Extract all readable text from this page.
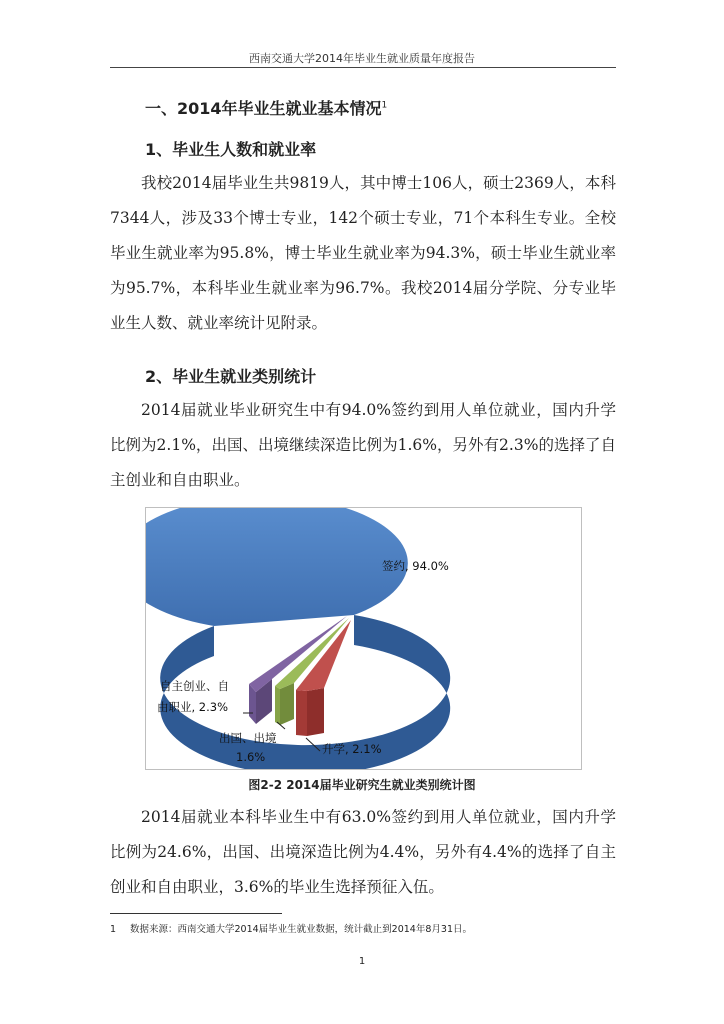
西南交通大学2014年毕业生就业质量年度报告
一、2014年毕业生就业基本情况$^1$
1、毕业生人数和就业率
我校2014届毕业生共9819人，其中博士106人，硕士2369人，本科7344人，涉及33个博士专业，142个硕士专业，71个本科生专业。全校毕业生就业率为95.8%，博士毕业生就业率为94.3%，硕士毕业生就业率为95.7%，本科毕业生就业率为96.7%。我校2014届分学院、分专业毕业生人数、就业率统计见附录。
2、毕业生就业类别统计
2014届就业毕业研究生中有94.0%签约到用人单位就业，国内升学比例为2.1%，出国、出境继续深造比例为1.6%，另外有2.3%的选择了自主创业和自由职业。
签约, 94.0%
升学, 2.1%
出国、出境
1.6%
自主创业、自
由职业, 2.3%
图2-2 2014届毕业研究生就业类别统计图
2014届就业本科毕业生中有63.0%签约到用人单位就业，国内升学比例为24.6%，出国、出境深造比例为4.4%，另外有4.4%的选择了自主创业和自由职业，3.6%的毕业生选择预征入伍。
1 数据来源：西南交通大学2014届毕业生就业数据，统计截止到2014年8月31日。
1
